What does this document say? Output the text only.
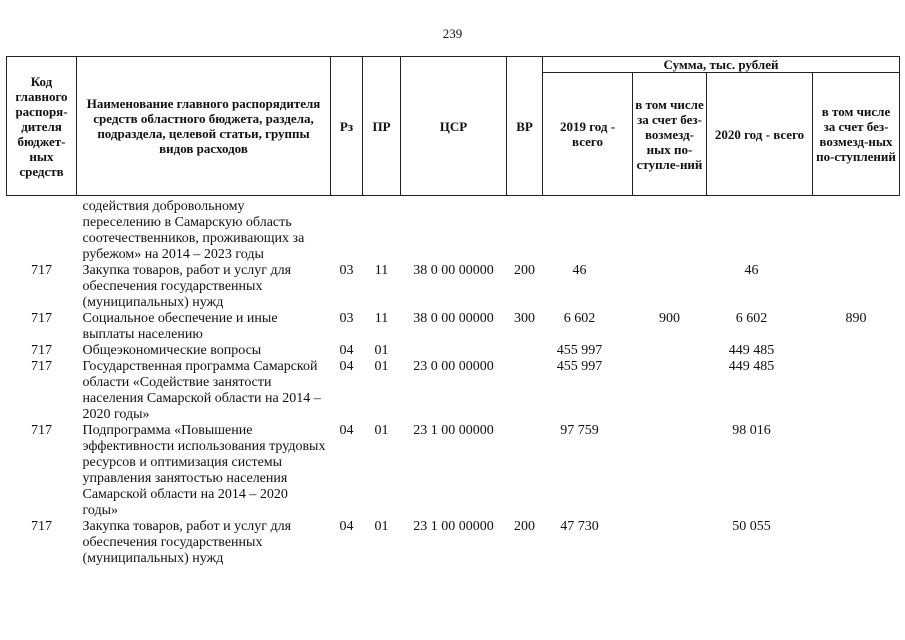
239
Код главного распоря-дителя бюджет-ных средств	Наименование главного распорядителя средств областного бюджета, раздела, подраздела, целевой статьи, группы видов расходов	Рз	ПР	ЦСР	ВР	Сумма, тыс. рублей			
						2019 год - всего	в том числе за счет без-возмезд-ных по-ступле-ний	2020 год - всего	в том числе за счет без-возмезд-ных по-ступлений
	содействия добровольному переселению в Самарскую область соотечественников, проживающих за рубежом» на 2014 – 2023 годы								
717	Закупка товаров, работ и услуг для обеспечения государственных (муниципальных) нужд	03	11	38 0 00 00000	200	46		46	
717	Социальное обеспечение и иные выплаты населению	03	11	38 0 00 00000	300	6 602	900	6 602	890
717	Общеэкономические вопросы	04	01			455 997		449 485	
717	Государственная программа Самарской области «Содействие занятости населения Самарской области на 2014 – 2020 годы»	04	01	23 0 00 00000		455 997		449 485	
717	Подпрограмма «Повышение эффективности использования трудовых ресурсов и оптимизация системы управления занятостью населения Самарской области на 2014 – 2020 годы»	04	01	23 1 00 00000		97 759		98 016	
717	Закупка товаров, работ и услуг для обеспечения государственных (муниципальных) нужд	04	01	23 1 00 00000	200	47 730		50 055	
